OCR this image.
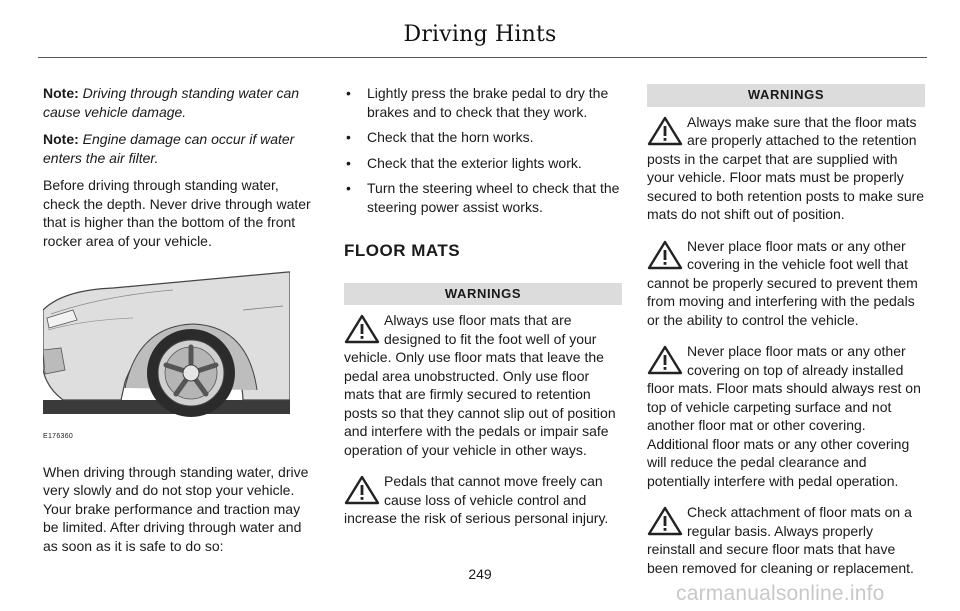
Driving Hints

Note: Driving through standing water can cause vehicle damage.

Note: Engine damage can occur if water enters the air filter.

Before driving through standing water, check the depth. Never drive through water that is higher than the bottom of the front rocker area of your vehicle.

E176360

When driving through standing water, drive very slowly and do not stop your vehicle. Your brake performance and traction may be limited. After driving through water and as soon as it is safe to do so:

• Lightly press the brake pedal to dry the brakes and to check that they work.
• Check that the horn works.
• Check that the exterior lights work.
• Turn the steering wheel to check that the steering power assist works.
FLOOR MATS
WARNINGS
Always use floor mats that are designed to fit the foot well of your vehicle. Only use floor mats that leave the pedal area unobstructed. Only use floor mats that are firmly secured to retention posts so that they cannot slip out of position and interfere with the pedals or impair safe operation of your vehicle in other ways.
Pedals that cannot move freely can cause loss of vehicle control and increase the risk of serious personal injury.
WARNINGS
Always make sure that the floor mats are properly attached to the retention posts in the carpet that are supplied with your vehicle. Floor mats must be properly secured to both retention posts to make sure mats do not shift out of position.
Never place floor mats or any other covering in the vehicle foot well that cannot be properly secured to prevent them from moving and interfering with the pedals or the ability to control the vehicle.
Never place floor mats or any other covering on top of already installed floor mats. Floor mats should always rest on top of vehicle carpeting surface and not another floor mat or other covering. Additional floor mats or any other covering will reduce the pedal clearance and potentially interfere with pedal operation.
Check attachment of floor mats on a regular basis. Always properly reinstall and secure floor mats that have been removed for cleaning or replacement.
249
carmanualsonline.info
